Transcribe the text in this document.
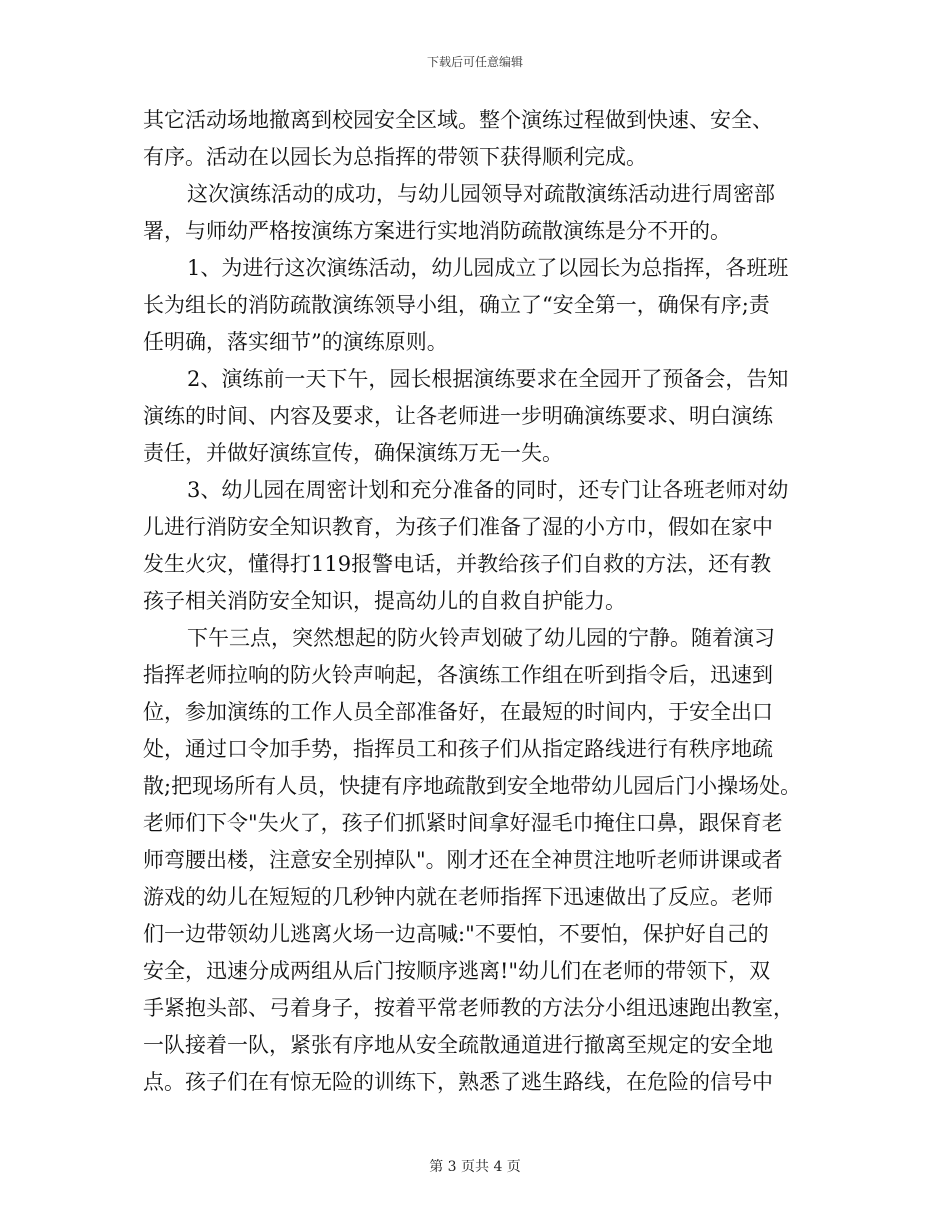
下载后可任意编辑
其它活动场地撤离到校园安全区域。整个演练过程做到快速、安全、
有序。活动在以园长为总指挥的带领下获得顺利完成。
这次演练活动的成功，与幼儿园领导对疏散演练活动进行周密部
署，与师幼严格按演练方案进行实地消防疏散演练是分不开的。
1、为进行这次演练活动，幼儿园成立了以园长为总指挥，各班班
长为组长的消防疏散演练领导小组，确立了“安全第一，确保有序;责
任明确，落实细节”的演练原则。
2、演练前一天下午，园长根据演练要求在全园开了预备会，告知
演练的时间、内容及要求，让各老师进一步明确演练要求、明白演练
责任，并做好演练宣传，确保演练万无一失。
3、幼儿园在周密计划和充分准备的同时，还专门让各班老师对幼
儿进行消防安全知识教育，为孩子们准备了湿的小方巾，假如在家中
发生火灾，懂得打119报警电话，并教给孩子们自救的方法，还有教
孩子相关消防安全知识，提高幼儿的自救自护能力。
下午三点，突然想起的防火铃声划破了幼儿园的宁静。随着演习
指挥老师拉响的防火铃声响起，各演练工作组在听到指令后，迅速到
位，参加演练的工作人员全部准备好，在最短的时间内，于安全出口
处，通过口令加手势，指挥员工和孩子们从指定路线进行有秩序地疏
散;把现场所有人员，快捷有序地疏散到安全地带幼儿园后门小操场处。
老师们下令"失火了，孩子们抓紧时间拿好湿毛巾掩住口鼻，跟保育老
师弯腰出楼，注意安全别掉队"。刚才还在全神贯注地听老师讲课或者
游戏的幼儿在短短的几秒钟内就在老师指挥下迅速做出了反应。老师
们一边带领幼儿逃离火场一边高喊:"不要怕，不要怕，保护好自己的
安全，迅速分成两组从后门按顺序逃离!"幼儿们在老师的带领下，双
手紧抱头部、弓着身子，按着平常老师教的方法分小组迅速跑出教室，
一队接着一队，紧张有序地从安全疏散通道进行撤离至规定的安全地
点。孩子们在有惊无险的训练下，熟悉了逃生路线，在危险的信号中
第 3 页共 4 页
